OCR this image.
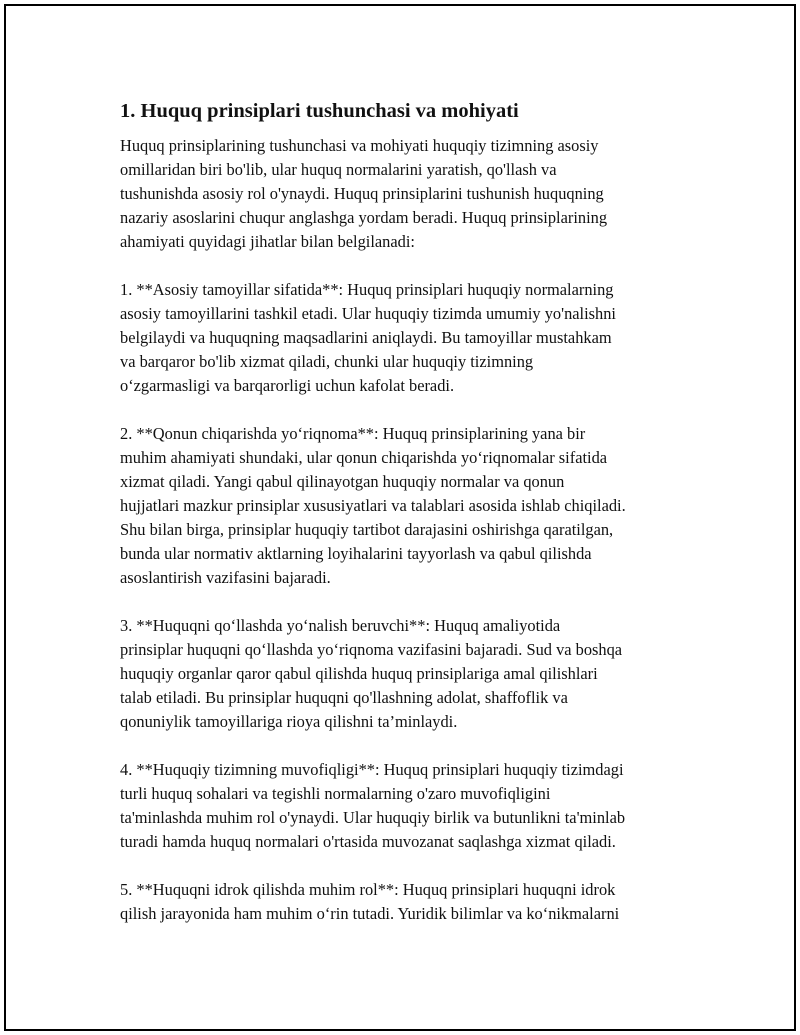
1. Huquq prinsiplari tushunchasi va mohiyati
Huquq prinsiplarining tushunchasi va mohiyati huquqiy tizimning asosiy
omillaridan biri bo'lib, ular huquq normalarini yaratish, qo'llash va
tushunishda asosiy rol o'ynaydi. Huquq prinsiplarini tushunish huquqning
nazariy asoslarini chuqur anglashga yordam beradi. Huquq prinsiplarining
ahamiyati quyidagi jihatlar bilan belgilanadi:
1. **Asosiy tamoyillar sifatida**: Huquq prinsiplari huquqiy normalarning
asosiy tamoyillarini tashkil etadi. Ular huquqiy tizimda umumiy yo'nalishni
belgilaydi va huquqning maqsadlarini aniqlaydi. Bu tamoyillar mustahkam
va barqaror bo'lib xizmat qiladi, chunki ular huquqiy tizimning
o‘zgarmasligi va barqarorligi uchun kafolat beradi.
2. **Qonun chiqarishda yo‘riqnoma**: Huquq prinsiplarining yana bir
muhim ahamiyati shundaki, ular qonun chiqarishda yo‘riqnomalar sifatida
xizmat qiladi. Yangi qabul qilinayotgan huquqiy normalar va qonun
hujjatlari mazkur prinsiplar xususiyatlari va talablari asosida ishlab chiqiladi.
Shu bilan birga, prinsiplar huquqiy tartibot darajasini oshirishga qaratilgan,
bunda ular normativ aktlarning loyihalarini tayyorlash va qabul qilishda
asoslantirish vazifasini bajaradi.
3. **Huquqni qo‘llashda yo‘nalish beruvchi**: Huquq amaliyotida
prinsiplar huquqni qo‘llashda yo‘riqnoma vazifasini bajaradi. Sud va boshqa
huquqiy organlar qaror qabul qilishda huquq prinsiplariga amal qilishlari
talab etiladi. Bu prinsiplar huquqni qo'llashning adolat, shaffoflik va
qonuniylik tamoyillariga rioya qilishni ta’minlaydi.
4. **Huquqiy tizimning muvofiqligi**: Huquq prinsiplari huquqiy tizimdagi
turli huquq sohalari va tegishli normalarning o'zaro muvofiqligini
ta'minlashda muhim rol o'ynaydi. Ular huquqiy birlik va butunlikni ta'minlab
turadi hamda huquq normalari o'rtasida muvozanat saqlashga xizmat qiladi.
5. **Huquqni idrok qilishda muhim rol**: Huquq prinsiplari huquqni idrok
qilish jarayonida ham muhim o‘rin tutadi. Yuridik bilimlar va ko‘nikmalarni
